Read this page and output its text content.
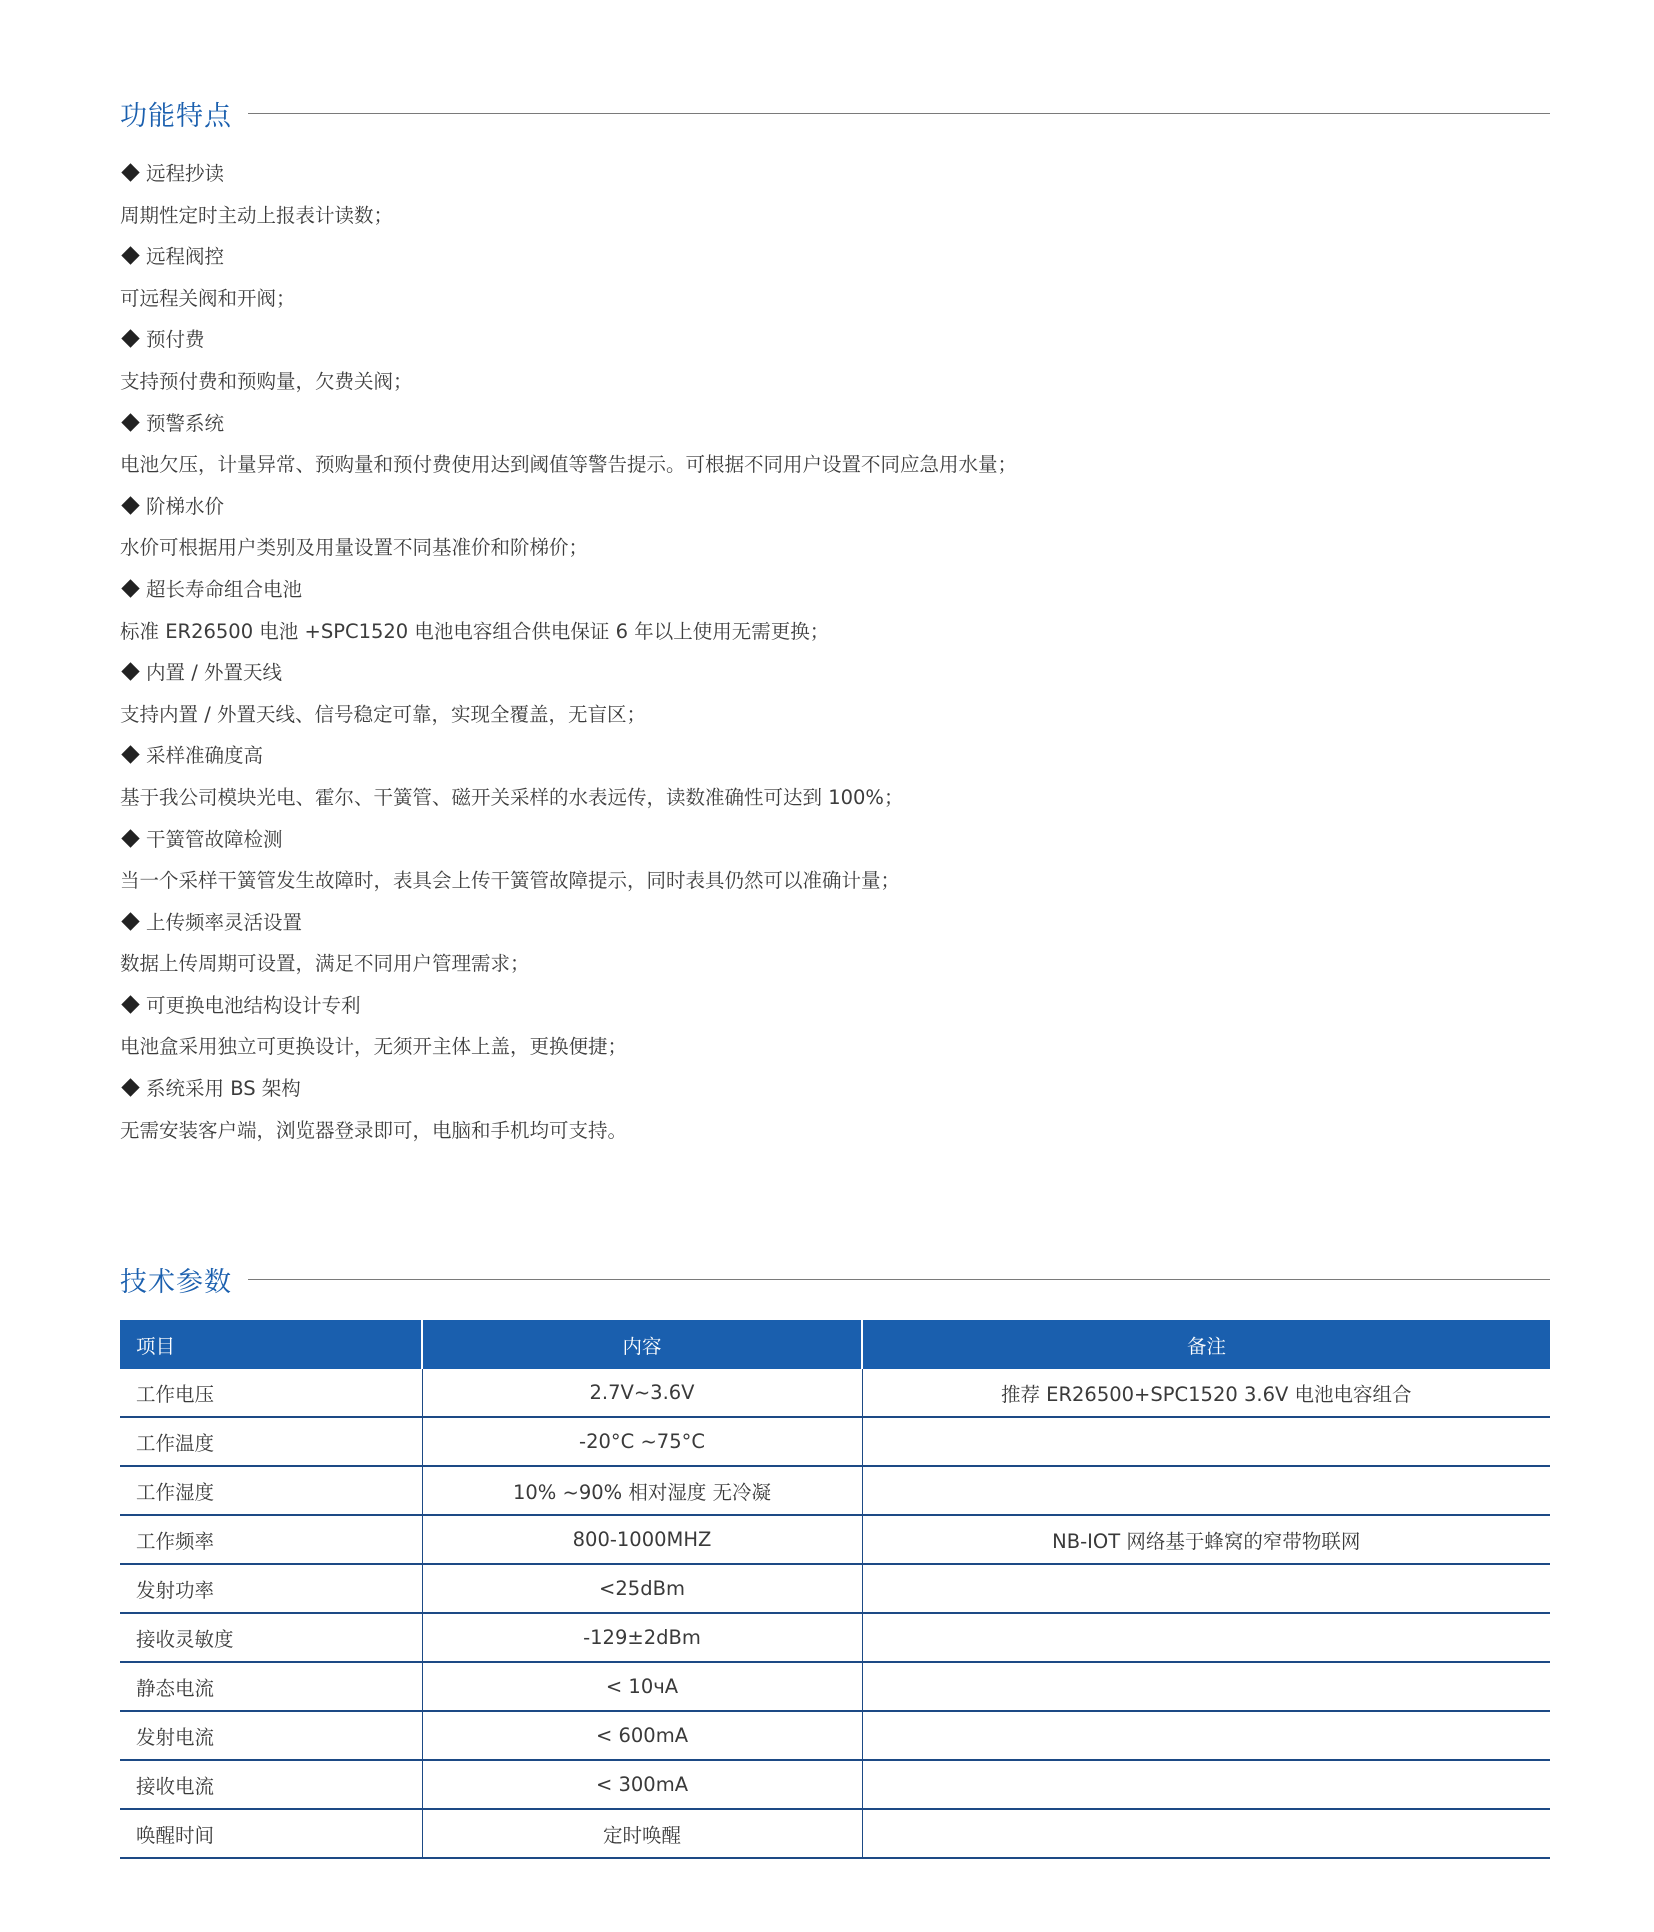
功能特点
远程抄读
周期性定时主动上报表计读数；
远程阀控
可远程关阀和开阀；
预付费
支持预付费和预购量，欠费关阀；
预警系统
电池欠压，计量异常、预购量和预付费使用达到阈值等警告提示。可根据不同用户设置不同应急用水量；
阶梯水价
水价可根据用户类别及用量设置不同基准价和阶梯价；
超长寿命组合电池
标准 ER26500 电池 +SPC1520 电池电容组合供电保证 6 年以上使用无需更换；
内置 / 外置天线
支持内置 / 外置天线、信号稳定可靠，实现全覆盖，无盲区；
采样准确度高
基于我公司模块光电、霍尔、干簧管、磁开关采样的水表远传，读数准确性可达到 100%；
干簧管故障检测
当一个采样干簧管发生故障时，表具会上传干簧管故障提示，同时表具仍然可以准确计量；
上传频率灵活设置
数据上传周期可设置，满足不同用户管理需求；
可更换电池结构设计专利
电池盒采用独立可更换设计，无须开主体上盖，更换便捷；
系统采用 BS 架构
无需安装客户端，浏览器登录即可，电脑和手机均可支持。
技术参数
项目	内容	备注
工作电压	2.7V~3.6V	推荐 ER26500+SPC1520 3.6V 电池电容组合
工作温度	-20°C ~75°C	
工作湿度	10% ~90% 相对湿度 无冷凝	
工作频率	800-1000MHZ	NB-IOT 网络基于蜂窝的窄带物联网
发射功率	<25dBm	
接收灵敏度	-129±2dBm	
静态电流	< 10чA	
发射电流	< 600mA	
接收电流	< 300mA	
唤醒时间	定时唤醒	
